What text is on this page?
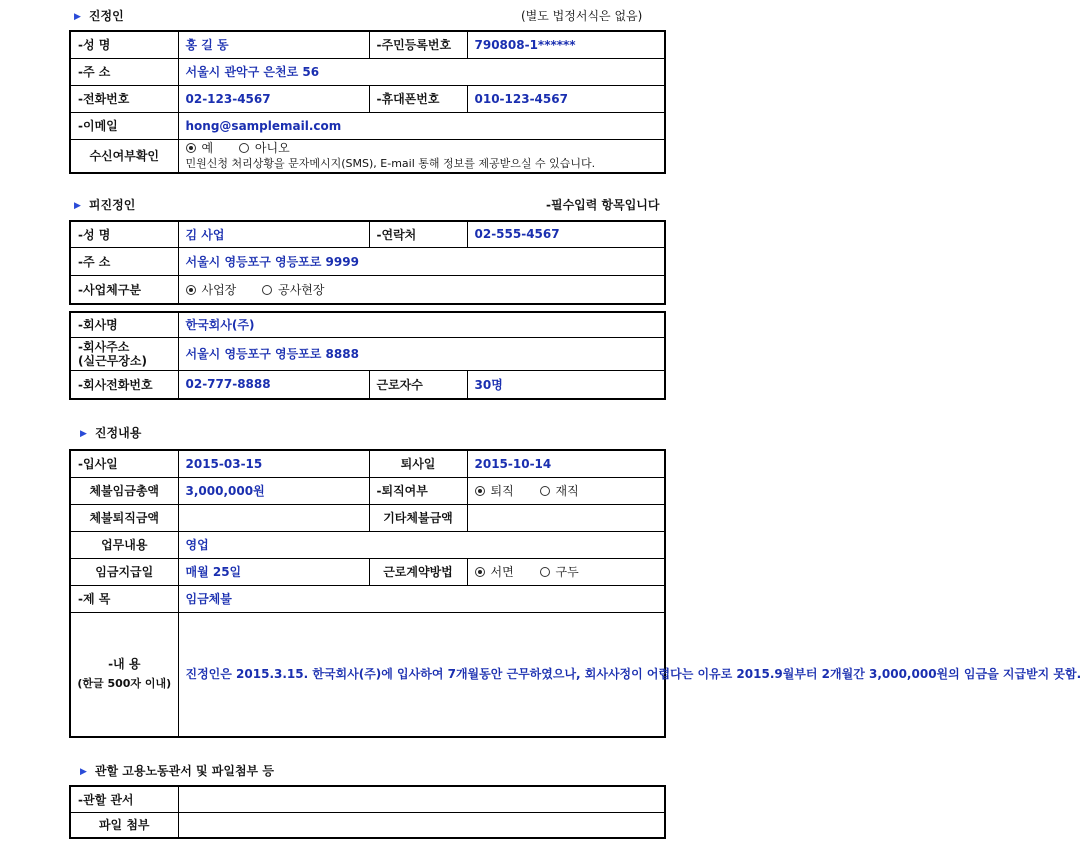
▶ 진정인	(별도 법정서식은 없음)
-성 명	홍 길 동	-주민등록번호	790808-1******
-주 소	서울시 관악구 은천로 56		
-전화번호	02-123-4567	-휴대폰번호	010-123-4567
-이메일	hong@samplemail.com		
수신여부확인	예 아니오
민원신청 처리상황을 문자메시지(SMS), E-mail 통해 정보를 제공받으실 수 있습니다.		
▶ 피진정인	-필수입력 항목입니다
-성 명	김 사업	-연락처	02-555-4567
-주 소	서울시 영등포구 영등포로 9999		
-사업체구분	사업장 공사현장		
-회사명	한국회사(주)		

-회사주소
(실근무장소)	서울시 영등포구 영등포로 8888		
-회사전화번호	02-777-8888	근로자수	30명
▶ 진정내용
-입사일	2015-03-15	퇴사일	2015-10-14
체불임금총액	3,000,000원	-퇴직여부	퇴직 재직
체불퇴직금액		기타체불금액	
업무내용	영업		
임금지급일	매월 25일	근로계약방법	서면 구두
-제 목	임금체불		

-내 용
(한글 500자 이내)	진정인은 2015.3.15. 한국회사(주)에 입사하여 7개월동안 근무하였으나, 회사사정이 어렵다는 이유로 2015.9월부터 2개월간 3,000,000원의 임금을 지급받지 못함.		
▶ 관할 고용노동관서 및 파일첨부 등
-관할 관서	
파일 첨부	
